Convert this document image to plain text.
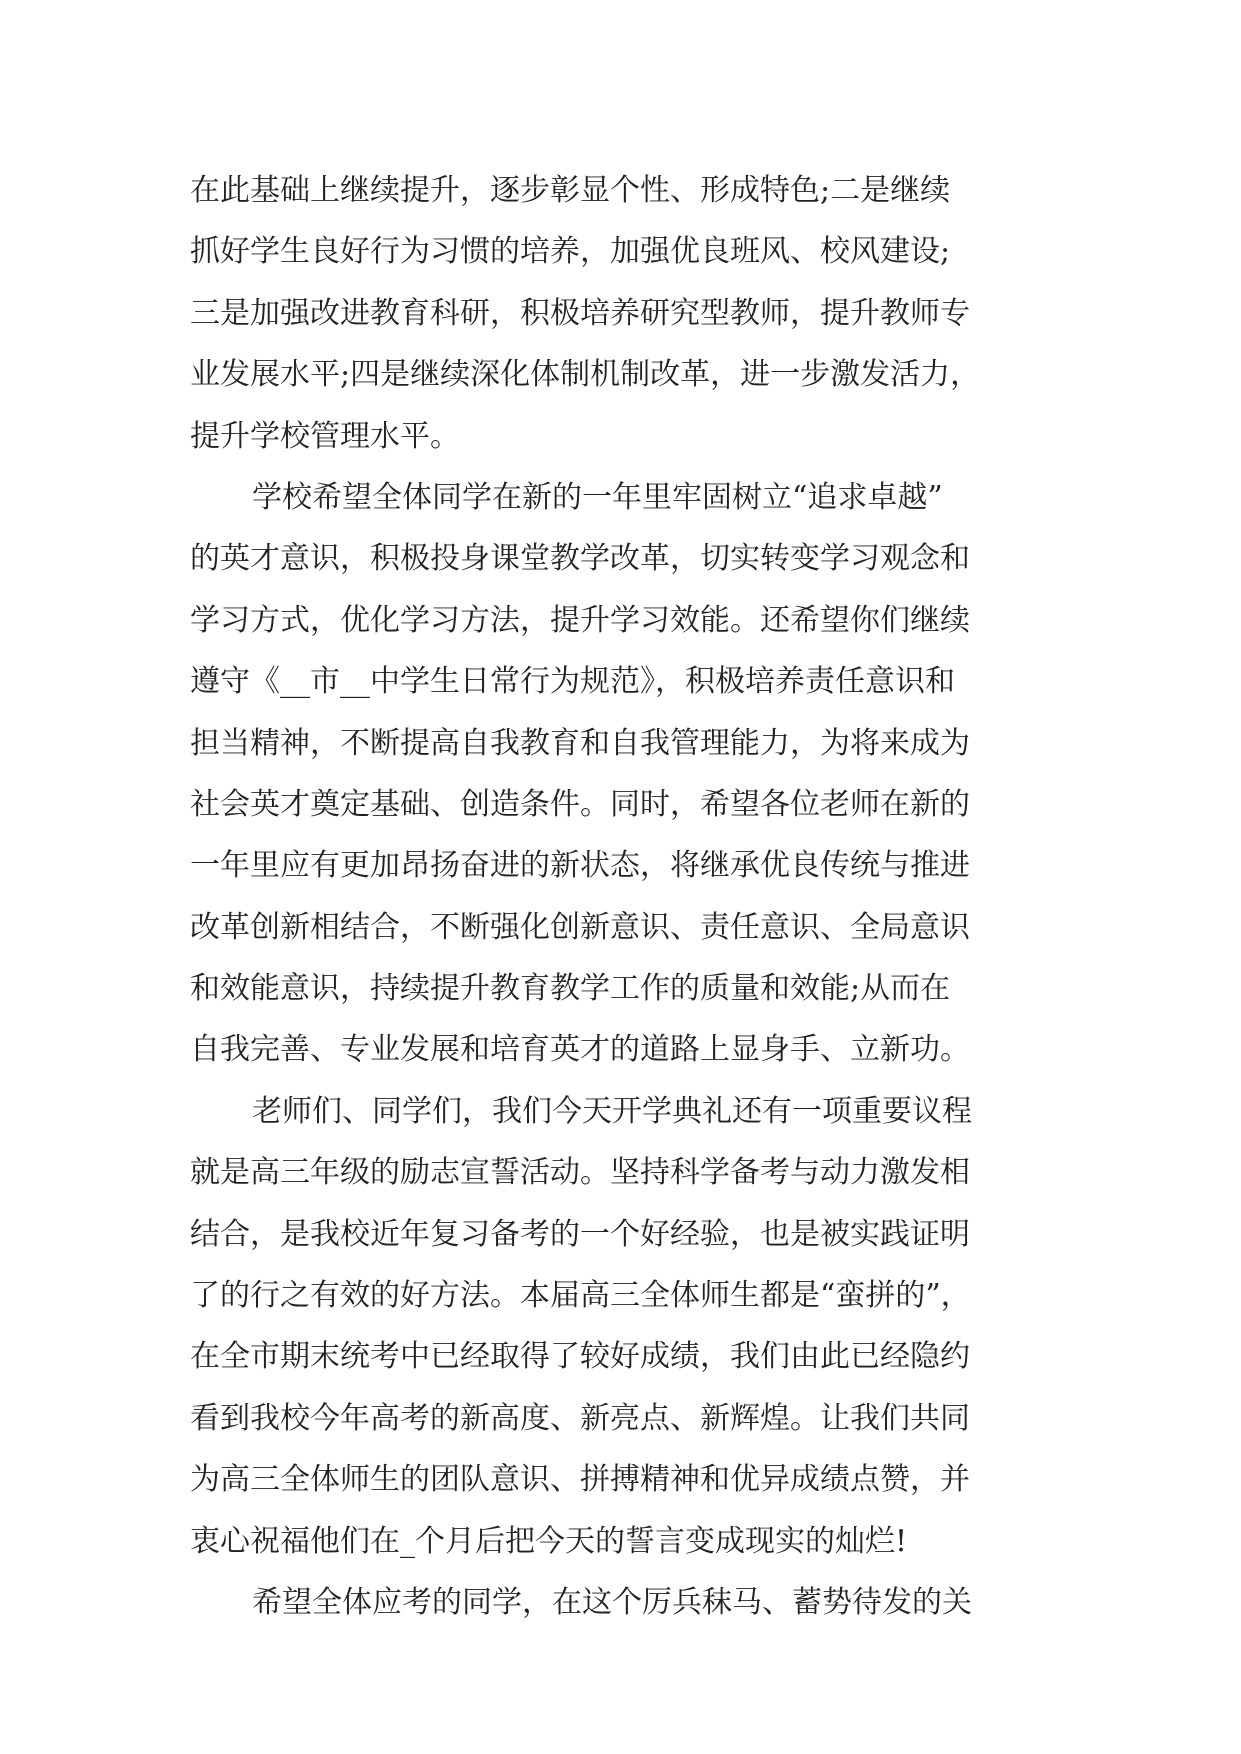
在此基础上继续提升，逐步彰显个性、形成特色;二是继续
抓好学生良好行为习惯的培养，加强优良班风、校风建设;
三是加强改进教育科研，积极培养研究型教师，提升教师专
业发展水平;四是继续深化体制机制改革，进一步激发活力，
提升学校管理水平。
学校希望全体同学在新的一年里牢固树立“追求卓越”
的英才意识，积极投身课堂教学改革，切实转变学习观念和
学习方式，优化学习方法，提升学习效能。还希望你们继续
遵守《__市__中学生日常行为规范》，积极培养责任意识和
担当精神，不断提高自我教育和自我管理能力，为将来成为
社会英才奠定基础、创造条件。同时，希望各位老师在新的
一年里应有更加昂扬奋进的新状态，将继承优良传统与推进
改革创新相结合，不断强化创新意识、责任意识、全局意识
和效能意识，持续提升教育教学工作的质量和效能;从而在
自我完善、专业发展和培育英才的道路上显身手、立新功。
老师们、同学们，我们今天开学典礼还有一项重要议程
就是高三年级的励志宣誓活动。坚持科学备考与动力激发相
结合，是我校近年复习备考的一个好经验，也是被实践证明
了的行之有效的好方法。本届高三全体师生都是“蛮拼的”，
在全市期末统考中已经取得了较好成绩，我们由此已经隐约
看到我校今年高考的新高度、新亮点、新辉煌。让我们共同
为高三全体师生的团队意识、拼搏精神和优异成绩点赞，并
衷心祝福他们在_个月后把今天的誓言变成现实的灿烂!
希望全体应考的同学，在这个厉兵秣马、蓄势待发的关
